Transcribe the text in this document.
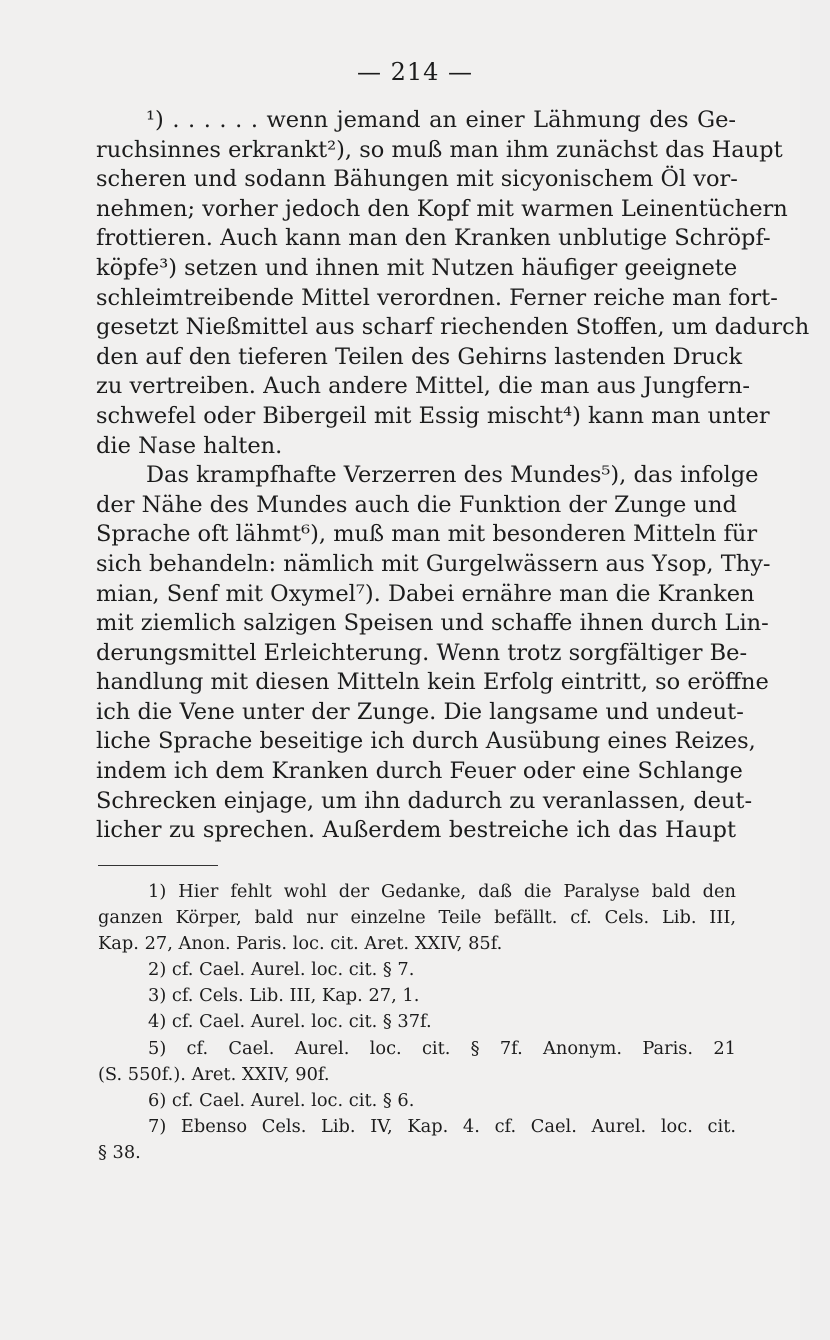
— 214 —
¹) . . . . . . wenn jemand an einer Lähmung des Ge-
ruchsinnes erkrankt²), so muß man ihm zunächst das Haupt
scheren und sodann Bähungen mit sicyonischem Öl vor-
nehmen; vorher jedoch den Kopf mit warmen Leinentüchern
frottieren. Auch kann man den Kranken unblutige Schröpf-
köpfe³) setzen und ihnen mit Nutzen häufiger geeignete
schleimtreibende Mittel verordnen. Ferner reiche man fort-
gesetzt Nießmittel aus scharf riechenden Stoffen, um dadurch
den auf den tieferen Teilen des Gehirns lastenden Druck
zu vertreiben. Auch andere Mittel, die man aus Jungfern-
schwefel oder Bibergeil mit Essig mischt⁴) kann man unter
die Nase halten.
Das krampfhafte Verzerren des Mundes⁵), das infolge
der Nähe des Mundes auch die Funktion der Zunge und
Sprache oft lähmt⁶), muß man mit besonderen Mitteln für
sich behandeln: nämlich mit Gurgelwässern aus Ysop, Thy-
mian, Senf mit Oxymel⁷). Dabei ernähre man die Kranken
mit ziemlich salzigen Speisen und schaffe ihnen durch Lin-
derungsmittel Erleichterung. Wenn trotz sorgfältiger Be-
handlung mit diesen Mitteln kein Erfolg eintritt, so eröffne
ich die Vene unter der Zunge. Die langsame und undeut-
liche Sprache beseitige ich durch Ausübung eines Reizes,
indem ich dem Kranken durch Feuer oder eine Schlange
Schrecken einjage, um ihn dadurch zu veranlassen, deut-
licher zu sprechen. Außerdem bestreiche ich das Haupt
1) Hier fehlt wohl der Gedanke, daß die Paralyse bald den
ganzen Körper, bald nur einzelne Teile befällt. cf. Cels. Lib. III,
Kap. 27, Anon. Paris. loc. cit. Aret. XXIV, 85f.
2) cf. Cael. Aurel. loc. cit. § 7.
3) cf. Cels. Lib. III, Kap. 27, 1.
4) cf. Cael. Aurel. loc. cit. § 37f.
5) cf. Cael. Aurel. loc. cit. § 7f. Anonym. Paris. 21
(S. 550f.). Aret. XXIV, 90f.
6) cf. Cael. Aurel. loc. cit. § 6.
7) Ebenso Cels. Lib. IV, Kap. 4. cf. Cael. Aurel. loc. cit.
§ 38.
